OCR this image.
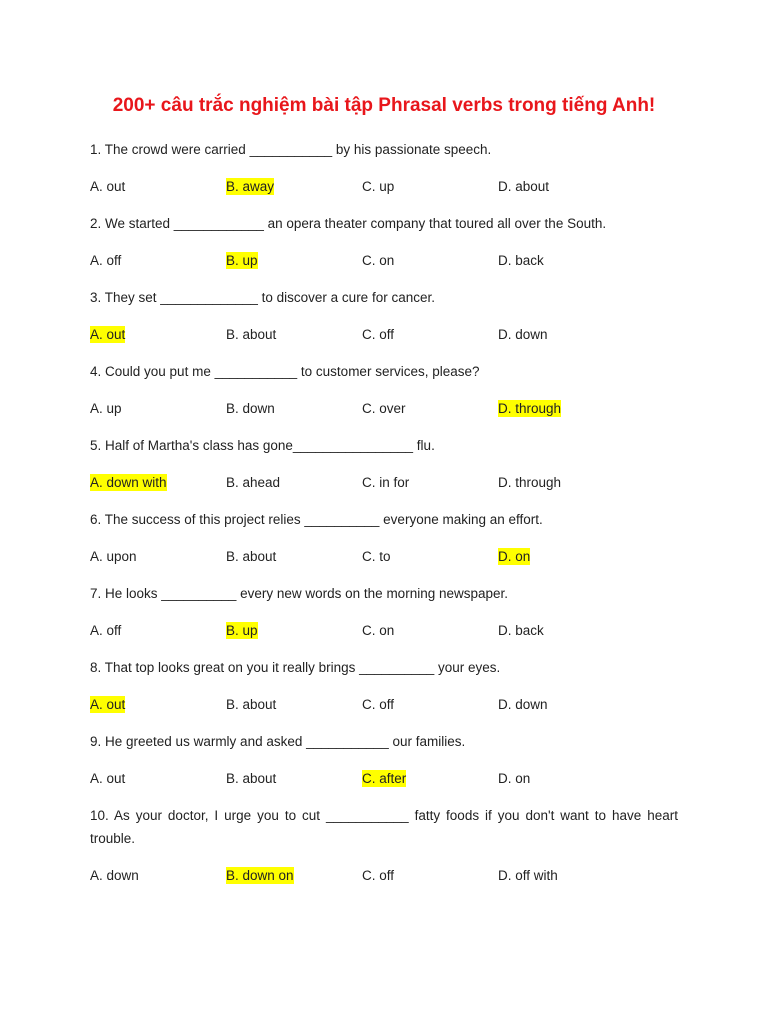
200+ câu trắc nghiệm bài tập Phrasal verbs trong tiếng Anh!

1. The crowd were carried ___________ by his passionate speech.

A. out	B. away	C. up	D. about

2. We started ____________ an opera theater company that toured all over the South.

A. off	B. up	C. on	D. back

3. They set _____________ to discover a cure for cancer.

A. out	B. about	C. off	D. down

4. Could you put me ___________ to customer services, please?

A. up	B. down	C. over	D. through

5. Half of Martha's class has gone________________ flu.

A. down with	B. ahead	C. in for	D. through

6. The success of this project relies __________ everyone making an effort.

A. upon	B. about	C. to	D. on

7. He looks __________ every new words on the morning newspaper.

A. off	B. up	C. on	D. back

8. That top looks great on you it really brings __________ your eyes.

A. out	B. about	C. off	D. down

9. He greeted us warmly and asked ___________ our families.

A. out	B. about	C. after	D. on

10. As your doctor, I urge you to cut ___________ fatty foods if you don't want to have heart trouble.

A. down	B. down on	C. off	D. off with
